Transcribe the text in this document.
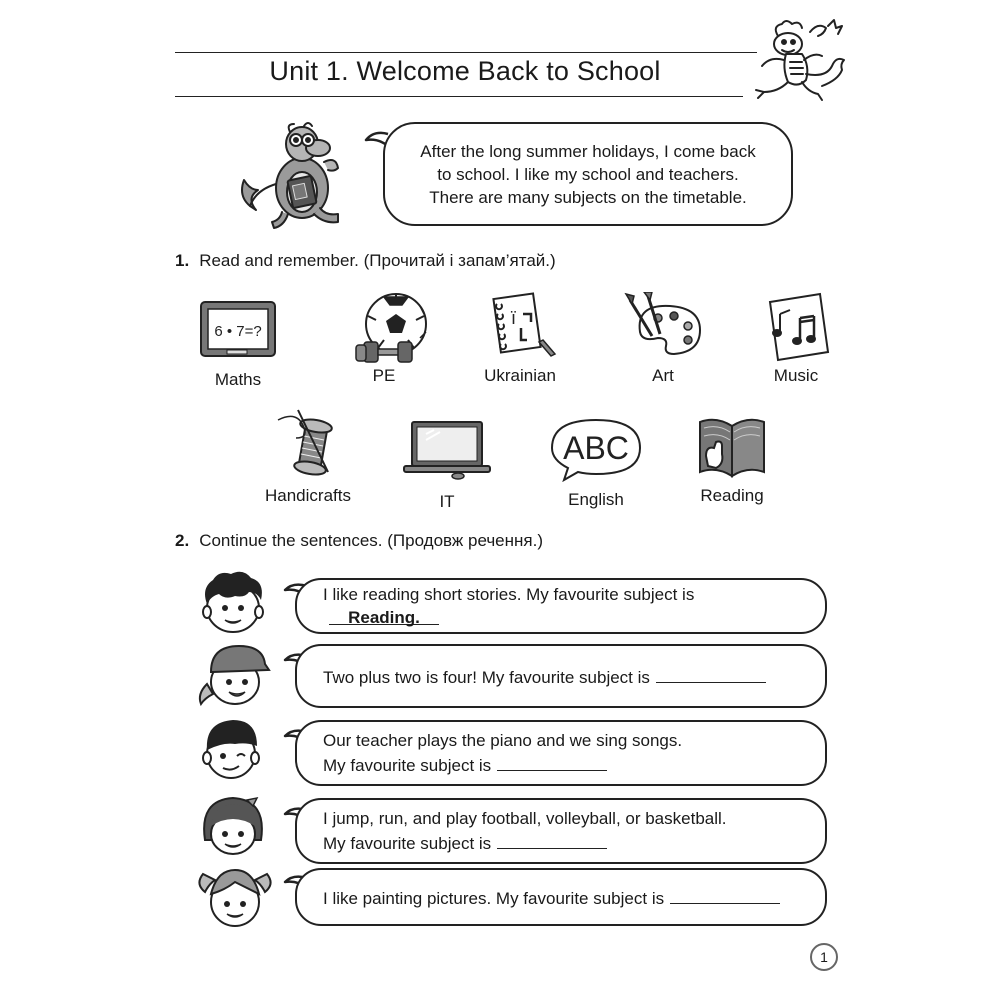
Unit 1. Welcome Back to School
After the long summer holidays, I come back
to school. I like my school and teachers.
There are many subjects on the timetable.
1. Read and remember. (Прочитай і запам’ятай.)
6 • 7=?
Maths	PE
ї
Ukrainian	Art	Music
Handicrafts	IT
ABC
English	Reading
2. Continue the sentences. (Продовж речення.)
I like reading short stories. My favourite subject isReading.
Two plus two is four! My favourite subject is
Our teacher plays the piano and we sing songs.
My favourite subject is
I jump, run, and play football, volleyball, or basketball.
My favourite subject is
I like painting pictures. My favourite subject is
1
